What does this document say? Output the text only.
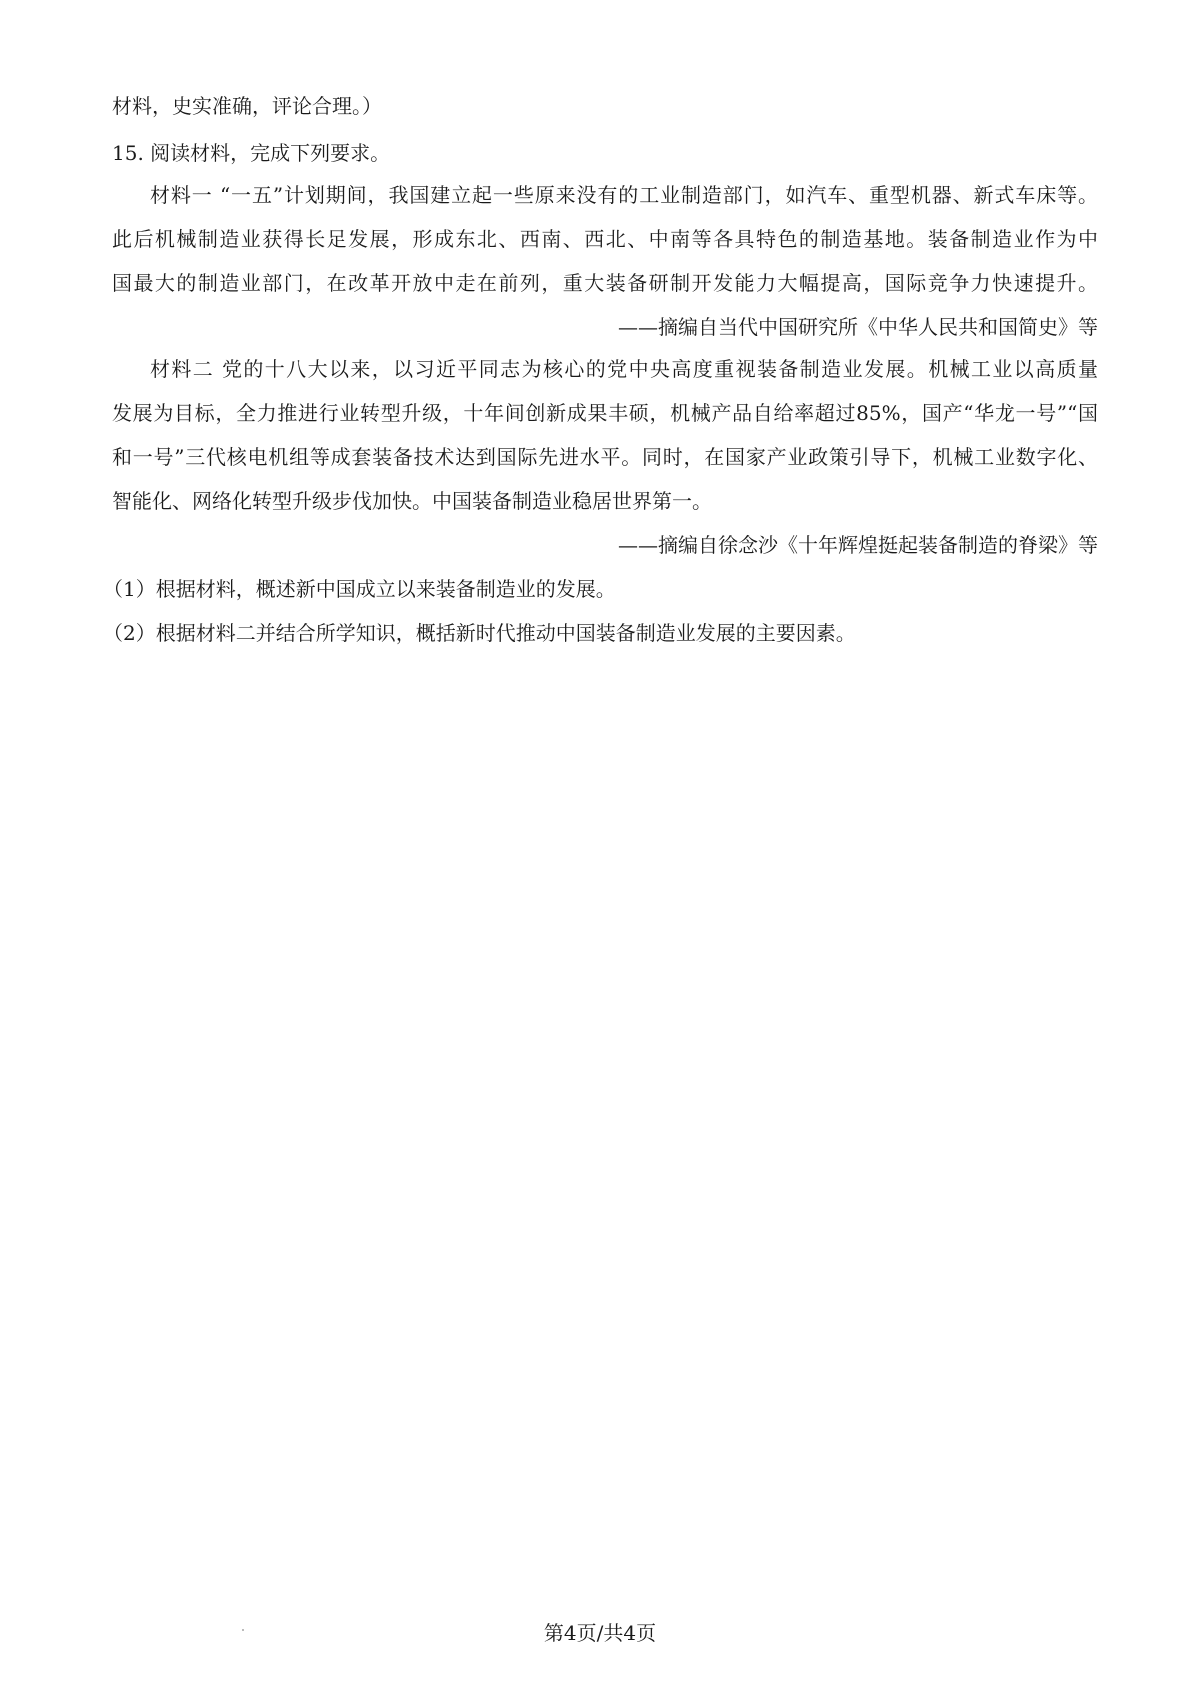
材料，史实准确，评论合理。）
15. 阅读材料，完成下列要求。
材料一 “一五”计划期间，我国建立起一些原来没有的工业制造部门，如汽车、重型机器、新式车床等。
此后机械制造业获得长足发展，形成东北、西南、西北、中南等各具特色的制造基地。装备制造业作为中
国最大的制造业部门，在改革开放中走在前列，重大装备研制开发能力大幅提高，国际竞争力快速提升。
——摘编自当代中国研究所《中华人民共和国简史》等
材料二 党的十八大以来，以习近平同志为核心的党中央高度重视装备制造业发展。机械工业以高质量
发展为目标，全力推进行业转型升级，十年间创新成果丰硕，机械产品自给率超过85%，国产“华龙一号”“国
和一号”三代核电机组等成套装备技术达到国际先进水平。同时，在国家产业政策引导下，机械工业数字化、
智能化、网络化转型升级步伐加快。中国装备制造业稳居世界第一。
——摘编自徐念沙《十年辉煌挺起装备制造的脊梁》等
（1）根据材料，概述新中国成立以来装备制造业的发展。
（2）根据材料二并结合所学知识，概括新时代推动中国装备制造业发展的主要因素。
第4页/共4页
